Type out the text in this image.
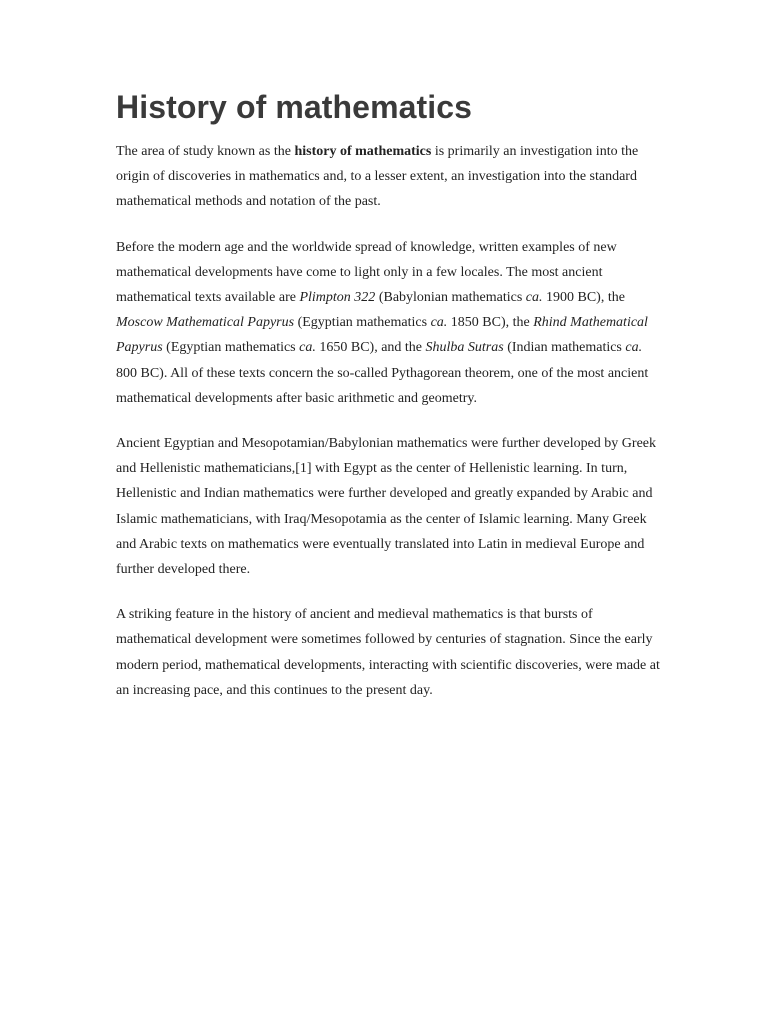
History of mathematics

The area of study known as the history of mathematics is primarily an investigation into the origin of discoveries in mathematics and, to a lesser extent, an investigation into the standard mathematical methods and notation of the past.

Before the modern age and the worldwide spread of knowledge, written examples of new mathematical developments have come to light only in a few locales. The most ancient mathematical texts available are Plimpton 322 (Babylonian mathematics ca. 1900 BC), the Moscow Mathematical Papyrus (Egyptian mathematics ca. 1850 BC), the Rhind Mathematical Papyrus (Egyptian mathematics ca. 1650 BC), and the Shulba Sutras (Indian mathematics ca. 800 BC). All of these texts concern the so-called Pythagorean theorem, one of the most ancient mathematical developments after basic arithmetic and geometry.

Ancient Egyptian and Mesopotamian/Babylonian mathematics were further developed by Greek and Hellenistic mathematicians,[1] with Egypt as the center of Hellenistic learning. In turn, Hellenistic and Indian mathematics were further developed and greatly expanded by Arabic and Islamic mathematicians, with Iraq/Mesopotamia as the center of Islamic learning. Many Greek and Arabic texts on mathematics were eventually translated into Latin in medieval Europe and further developed there.

A striking feature in the history of ancient and medieval mathematics is that bursts of mathematical development were sometimes followed by centuries of stagnation. Since the early modern period, mathematical developments, interacting with scientific discoveries, were made at an increasing pace, and this continues to the present day.
